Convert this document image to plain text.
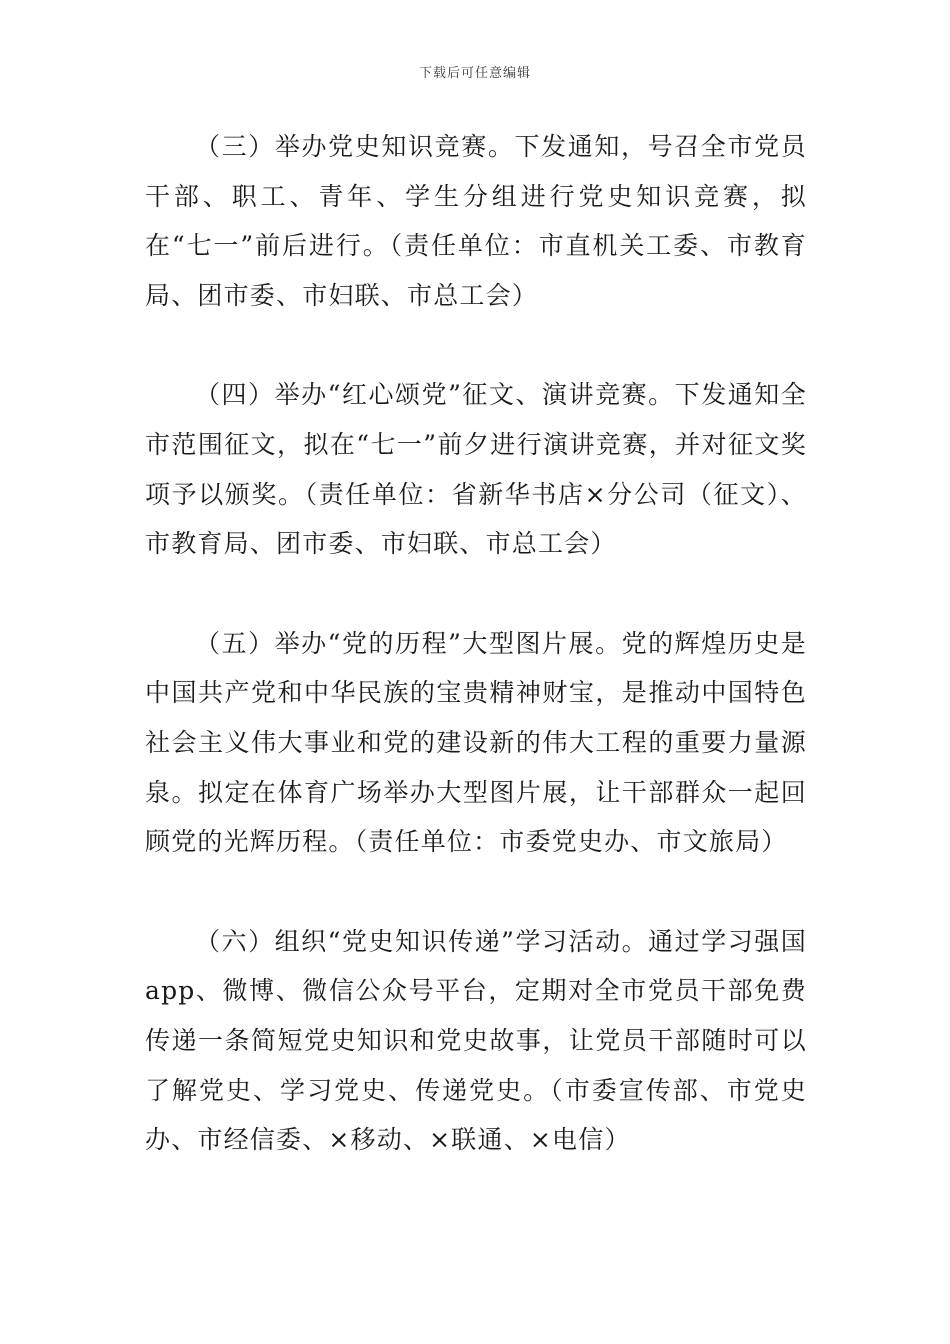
下载后可任意编辑

（三）举办党史知识竞赛。下发通知，号召全市党员干部、职工、青年、学生分组进行党史知识竞赛，拟在“七一”前后进行。（责任单位：市直机关工委、市教育局、团市委、市妇联、市总工会）

（四）举办“红心颂党”征文、演讲竞赛。下发通知全市范围征文，拟在“七一”前夕进行演讲竞赛，并对征文奖项予以颁奖。（责任单位：省新华书店×分公司（征文）、市教育局、团市委、市妇联、市总工会）

（五）举办“党的历程”大型图片展。党的辉煌历史是中国共产党和中华民族的宝贵精神财宝，是推动中国特色社会主义伟大事业和党的建设新的伟大工程的重要力量源泉。拟定在体育广场举办大型图片展，让干部群众一起回顾党的光辉历程。（责任单位：市委党史办、市文旅局）

（六）组织“党史知识传递”学习活动。通过学习强国app、微博、微信公众号平台，定期对全市党员干部免费传递一条简短党史知识和党史故事，让党员干部随时可以了解党史、学习党史、传递党史。（市委宣传部、市党史办、市经信委、×移动、×联通、×电信）
